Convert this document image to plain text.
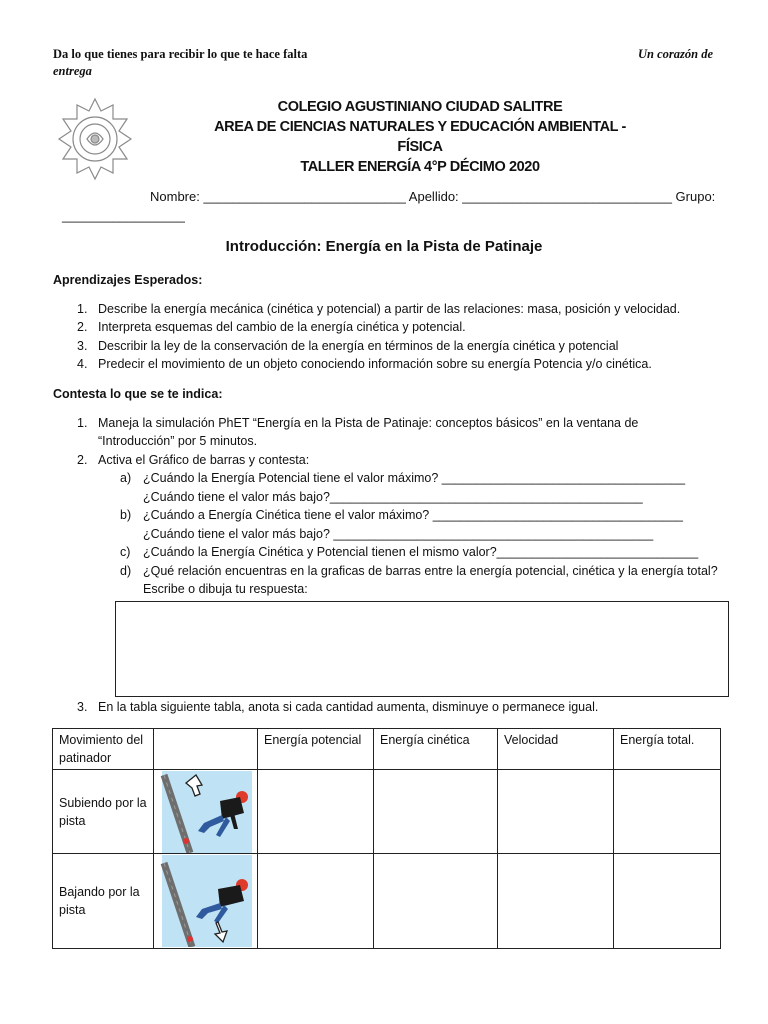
Da lo que tienes para recibir lo que te hace falta	Un corazón de
entrega
COLEGIO AGUSTINIANO CIUDAD SALITRE
AREA DE CIENCIAS NATURALES Y EDUCACIÓN AMBIENTAL - FÍSICA
TALLER ENERGÍA 4°P DÉCIMO 2020
Nombre: ____________________________ Apellido: _____________________________ Grupo:
_________________
Introducción: Energía en la Pista de Patinaje
Aprendizajes Esperados:
1. Describe la energía mecánica (cinética y potencial) a partir de las relaciones: masa, posición y velocidad.
2. Interpreta esquemas del cambio de la energía cinética y potencial.
3. Describir la ley de la conservación de la energía en términos de la energía cinética y potencial
4. Predecir el movimiento de un objeto conociendo información sobre su energía Potencia y/o cinética.
Contesta lo que se te indica:
1. Maneja la simulación PhET “Energía en la Pista de Patinaje: conceptos básicos” en la ventana de
“Introducción” por 5 minutos.
2. Activa el Gráfico de barras y contesta:
a) ¿Cuándo la Energía Potencial tiene el valor máximo? ___________________________________
¿Cuándo tiene el valor más bajo?_____________________________________________
b) ¿Cuándo a Energía Cinética tiene el valor máximo? ____________________________________
¿Cuándo tiene el valor más bajo? ______________________________________________
c) ¿Cuándo la Energía Cinética y Potencial tienen el mismo valor?_____________________________
d) ¿Qué relación encuentras en la graficas de barras entre la energía potencial, cinética y la energía total?
Escribe o dibuja tu respuesta:
3. En la tabla siguiente tabla, anota si cada cantidad aumenta, disminuye o permanece igual.
Movimiento del patinador		Energía potencial	Energía cinética	Velocidad	Energía total.
Subiendo por la pista	

Bajando por la pista	
